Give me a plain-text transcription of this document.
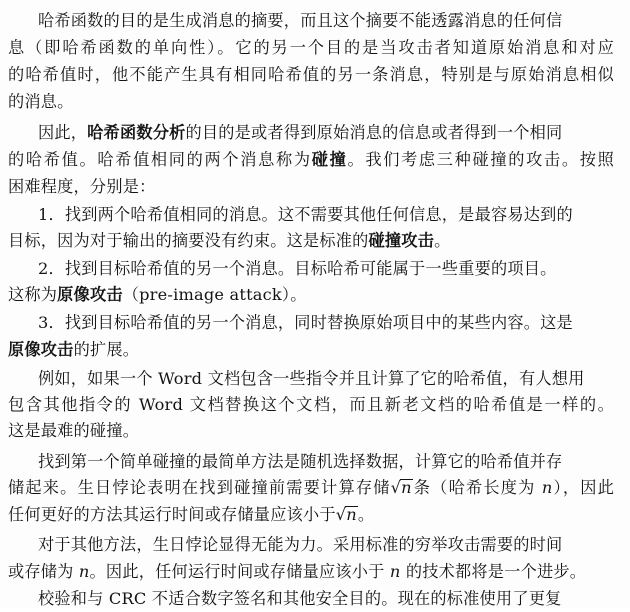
哈希函数的目的是生成消息的摘要，而且这个摘要不能透露消息的任何信
息（即哈希函数的单向性）。它的另一个目的是当攻击者知道原始消息和对应
的哈希值时，他不能产生具有相同哈希值的另一条消息，特别是与原始消息相似
的消息。
因此，哈希函数分析的目的是或者得到原始消息的信息或者得到一个相同
的哈希值。哈希值相同的两个消息称为碰撞。我们考虑三种碰撞的攻击。按照
困难程度，分别是：
1．找到两个哈希值相同的消息。这不需要其他任何信息，是最容易达到的
目标，因为对于输出的摘要没有约束。这是标准的碰撞攻击。
2．找到目标哈希值的另一个消息。目标哈希可能属于一些重要的项目。
这称为原像攻击（pre-image attack）。
3．找到目标哈希值的另一个消息，同时替换原始项目中的某些内容。这是
原像攻击的扩展。
例如，如果一个 Word 文档包含一些指令并且计算了它的哈希值，有人想用
包含其他指令的 Word 文档替换这个文档，而且新老文档的哈希值是一样的。
这是最难的碰撞。
找到第一个简单碰撞的最简单方法是随机选择数据，计算它的哈希值并存
储起来。生日悖论表明在找到碰撞前需要计算存储√n条（哈希长度为 n），因此
任何更好的方法其运行时间或存储量应该小于√n。
对于其他方法，生日悖论显得无能为力。采用标准的穷举攻击需要的时间
或存储为 n。因此，任何运行时间或存储量应该小于 n 的技术都将是一个进步。
校验和与 CRC 不适合数字签名和其他安全目的。现在的标准使用了更复
